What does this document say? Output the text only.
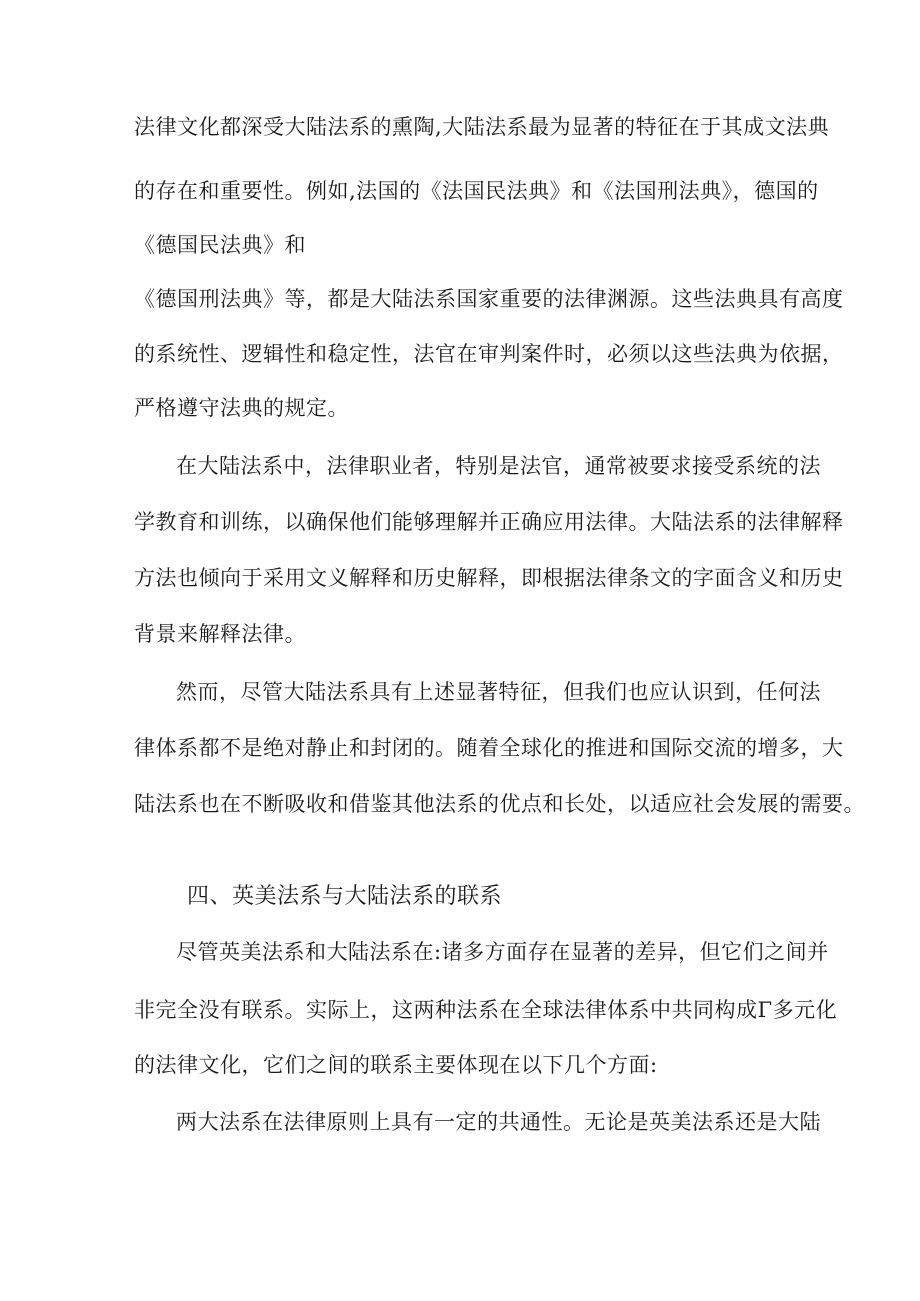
法律文化都深受大陆法系的熏陶,大陆法系最为显著的特征在于其成文法典
的存在和重要性。例如,法国的《法国民法典》和《法国刑法典》，德国的
《德国民法典》和
《德国刑法典》等，都是大陆法系国家重要的法律渊源。这些法典具有高度
的系统性、逻辑性和稳定性，法官在审判案件时，必须以这些法典为依据，
严格遵守法典的规定。
在大陆法系中，法律职业者，特别是法官，通常被要求接受系统的法
学教育和训练，以确保他们能够理解并正确应用法律。大陆法系的法律解释
方法也倾向于采用文义解释和历史解释，即根据法律条文的字面含义和历史
背景来解释法律。
然而，尽管大陆法系具有上述显著特征，但我们也应认识到，任何法
律体系都不是绝对静止和封闭的。随着全球化的推进和国际交流的增多，大
陆法系也在不断吸收和借鉴其他法系的优点和长处，以适应社会发展的需要。
四、英美法系与大陆法系的联系
尽管英美法系和大陆法系在:诸多方面存在显著的差异，但它们之间并
非完全没有联系。实际上，这两种法系在全球法律体系中共同构成Γ多元化
的法律文化，它们之间的联系主要体现在以下几个方面:
两大法系在法律原则上具有一定的共通性。无论是英美法系还是大陆
